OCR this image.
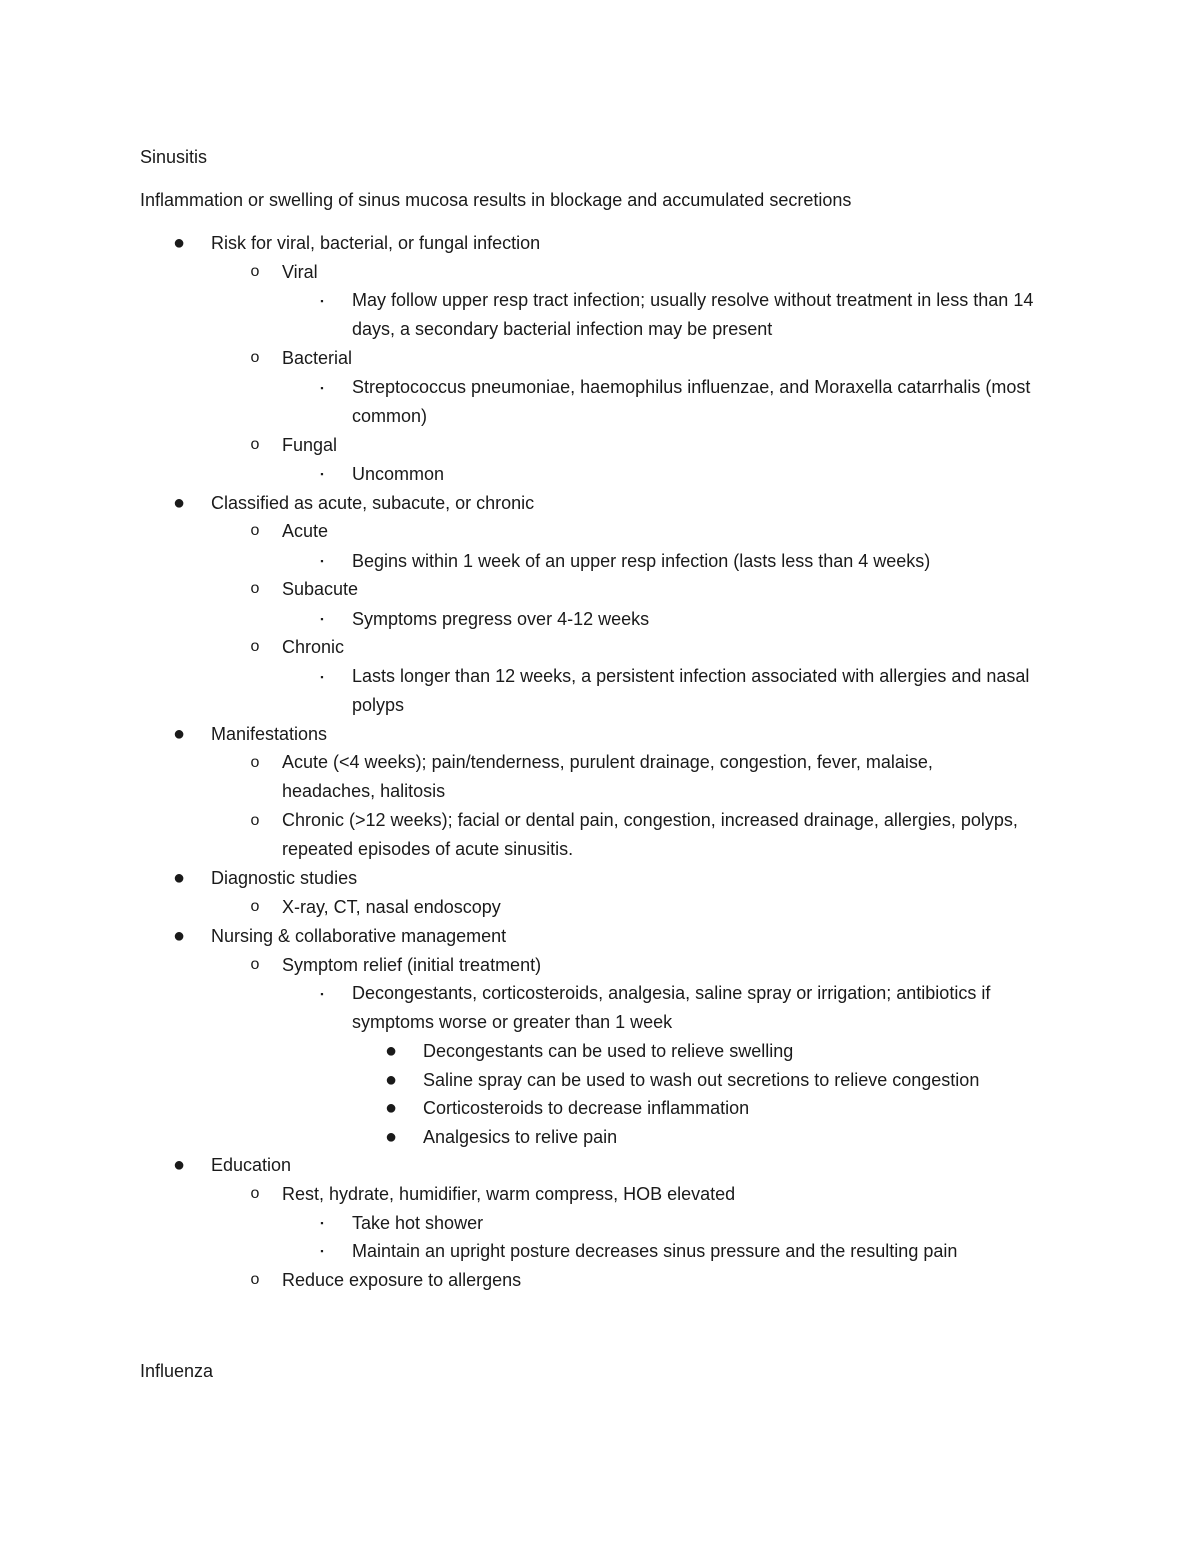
Sinusitis
Inflammation or swelling of sinus mucosa results in blockage and accumulated secretions
● Risk for viral, bacterial, or fungal infection
o Viral
▪	May follow upper resp tract infection; usually resolve without treatment in less than 14 days, a secondary bacterial infection may be present
o Bacterial
▪	Streptococcus pneumoniae, haemophilus influenzae, and Moraxella catarrhalis (most common)
o Fungal
▪	Uncommon
● Classified as acute, subacute, or chronic
o Acute
▪	Begins within 1 week of an upper resp infection (lasts less than 4 weeks)
o Subacute
▪	Symptoms pregress over 4-12 weeks
o Chronic
▪	Lasts longer than 12 weeks, a persistent infection associated with allergies and nasal polyps
● Manifestations
o Acute (<4 weeks); pain/tenderness, purulent drainage, congestion, fever, malaise, headaches, halitosis
o Chronic (>12 weeks); facial or dental pain, congestion, increased drainage, allergies, polyps, repeated episodes of acute sinusitis.
● Diagnostic studies
o X-ray, CT, nasal endoscopy
● Nursing & collaborative management
o Symptom relief (initial treatment)
▪	Decongestants, corticosteroids, analgesia, saline spray or irrigation; antibiotics if symptoms worse or greater than 1 week
● Decongestants can be used to relieve swelling
● Saline spray can be used to wash out secretions to relieve congestion
● Corticosteroids to decrease inflammation
● Analgesics to relive pain
● Education
o Rest, hydrate, humidifier, warm compress, HOB elevated
▪	Take hot shower
▪	Maintain an upright posture decreases sinus pressure and the resulting pain
o Reduce exposure to allergens
Influenza
